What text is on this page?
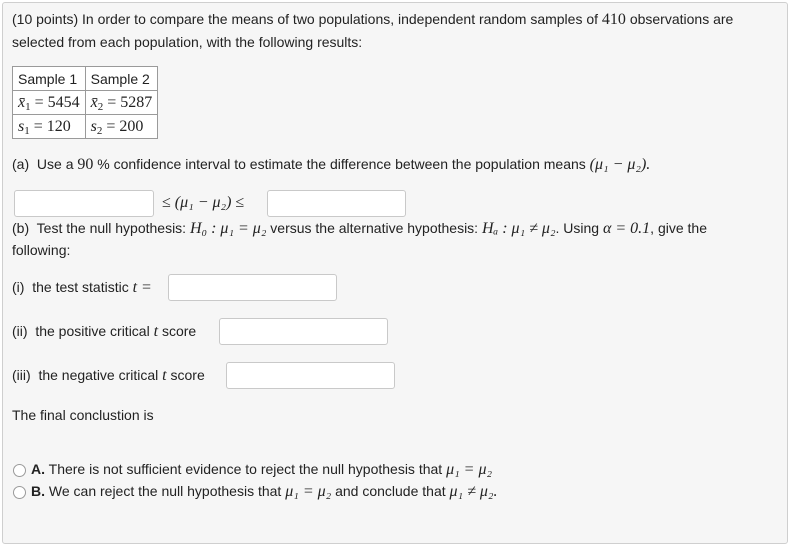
(10 points) In order to compare the means of two populations, independent random samples of 410 observations are
selected from each population, with the following results:
Sample 1	Sample 2
$x̄_1 = 5454$	$x̄_2 = 5287$
$s_1 = 120$	$s_2 = 200$
(a) Use a 90 % confidence interval to estimate the difference between the population means (μ₁ − μ₂).
≤ (μ₁ − μ₂) ≤
(b) Test the null hypothesis: H₀ : μ₁ = μ₂ versus the alternative hypothesis: Hₐ : μ₁ ≠ μ₂. Using α = 0.1, give the
following:
(i) the test statistic t =
(ii) the positive critical t score
(iii) the negative critical t score
The final conclustion is
A. There is not sufficient evidence to reject the null hypothesis that μ₁ = μ₂
B. We can reject the null hypothesis that μ₁ = μ₂ and conclude that μ₁ ≠ μ₂.
